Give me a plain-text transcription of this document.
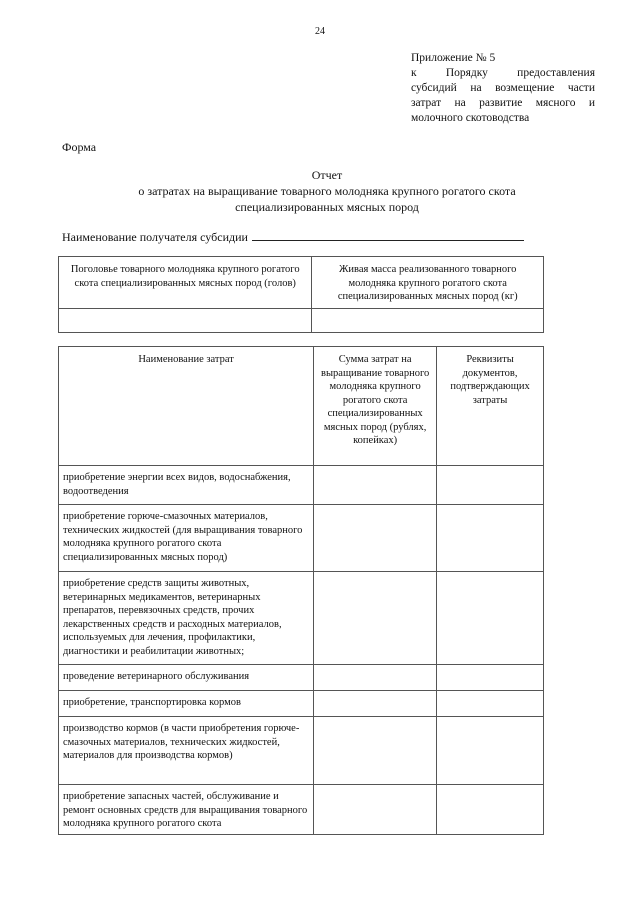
24
Приложение № 5
к Порядку предоставления
субсидий на возмещение части
затрат на развитие мясного и
молочного скотоводства
Форма
Отчет
о затратах на выращивание товарного молодняка крупного рогатого скота
специализированных мясных пород
Наименование получателя субсидии
Поголовье товарного молодняка крупного рогатого скота специализированных мясных пород (голов)	Живая масса реализованного товарного молодняка крупного рогатого скота специализированных мясных пород (кг)

Наименование затрат	Сумма затрат на выращивание товарного молодняка крупного рогатого скота специализированных мясных пород (рублях, копейках)	Реквизиты документов, подтверждающих затраты
приобретение энергии всех видов, водоснабжения, водоотведения		
приобретение горюче-смазочных материалов, технических жидкостей (для выращивания товарного молодняка крупного рогатого скота специализированных мясных пород)		
приобретение средств защиты животных, ветеринарных медикаментов, ветеринарных препаратов, перевязочных средств, прочих лекарственных средств и расходных материалов, используемых для лечения, профилактики, диагностики и реабилитации животных;		
проведение ветеринарного обслуживания		
приобретение, транспортировка кормов		
производство кормов (в части приобретения горюче-смазочных материалов, технических жидкостей, материалов для производства кормов)		
приобретение запасных частей, обслуживание и ремонт основных средств для выращивания товарного молодняка крупного рогатого скота		
